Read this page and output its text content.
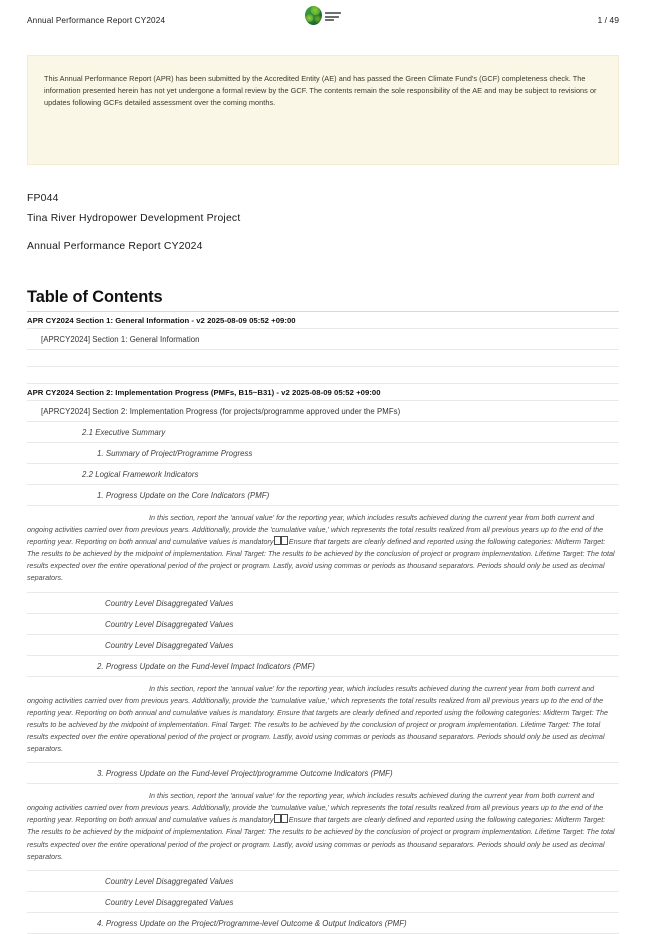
Annual Performance Report CY2024	1 / 49

This Annual Performance Report (APR) has been submitted by the Accredited Entity (AE) and has passed the Green Climate Fund's (GCF) completeness check. The information presented herein has not yet undergone a formal review by the GCF. The contents remain the sole responsibility of the AE and may be subject to revisions or updates following GCFs detailed assessment over the coming months.

FP044
Tina River Hydropower Development Project
Annual Performance Report CY2024
Table of Contents
APR CY2024 Section 1: General Information - v2 2025-08-09 05:52 +09:00
[APRCY2024] Section 1: General Information
APR CY2024 Section 2: Implementation Progress (PMFs, B15~B31) - v2 2025-08-09 05:52 +09:00
[APRCY2024] Section 2: Implementation Progress (for projects/programme approved under the PMFs)
2.1 Executive Summary
1. Summary of Project/Programme Progress
2.2 Logical Framework Indicators
1. Progress Update on the Core Indicators (PMF)

In this section, report the 'annual value' for the reporting year, which includes results achieved during the current year from both current and ongoing activities carried over from previous years. Additionally, provide the 'cumulative value,' which represents the total results realized from all previous years up to the end of the reporting year. Reporting on both annual and cumulative values is mandatory Ensure that targets are clearly defined and reported using the following categories: Midterm Target: The results to be achieved by the midpoint of implementation. Final Target: The results to be achieved by the conclusion of project or program implementation. Lifetime Target: The total results expected over the entire operational period of the project or program. Lastly, avoid using commas or periods as thousand separators. Periods should only be used as decimal separators.

Country Level Disaggregated Values
Country Level Disaggregated Values
Country Level Disaggregated Values
2. Progress Update on the Fund-level Impact Indicators (PMF)

In this section, report the 'annual value' for the reporting year, which includes results achieved during the current year from both current and ongoing activities carried over from previous years. Additionally, provide the 'cumulative value,' which represents the total results realized from all previous years up to the end of the reporting year. Reporting on both annual and cumulative values is mandatory. Ensure that targets are clearly defined and reported using the following categories: Midterm Target: The results to be achieved by the midpoint of implementation. Final Target: The results to be achieved by the conclusion of project or program implementation. Lifetime Target: The total results expected over the entire operational period of the project or program. Lastly, avoid using commas or periods as thousand separators. Periods should only be used as decimal separators.

3. Progress Update on the Fund-level Project/programme Outcome Indicators (PMF)

In this section, report the 'annual value' for the reporting year, which includes results achieved during the current year from both current and ongoing activities carried over from previous years. Additionally, provide the 'cumulative value,' which represents the total results realized from all previous years up to the end of the reporting year. Reporting on both annual and cumulative values is mandatory Ensure that targets are clearly defined and reported using the following categories: Midterm Target: The results to be achieved by the midpoint of implementation. Final Target: The results to be achieved by the conclusion of project or program implementation. Lifetime Target: The total results expected over the entire operational period of the project or program. Lastly, avoid using commas or periods as thousand separators. Periods should only be used as decimal separators.

Country Level Disaggregated Values
Country Level Disaggregated Values
4. Progress Update on the Project/Programme-level Outcome & Output Indicators (PMF)
